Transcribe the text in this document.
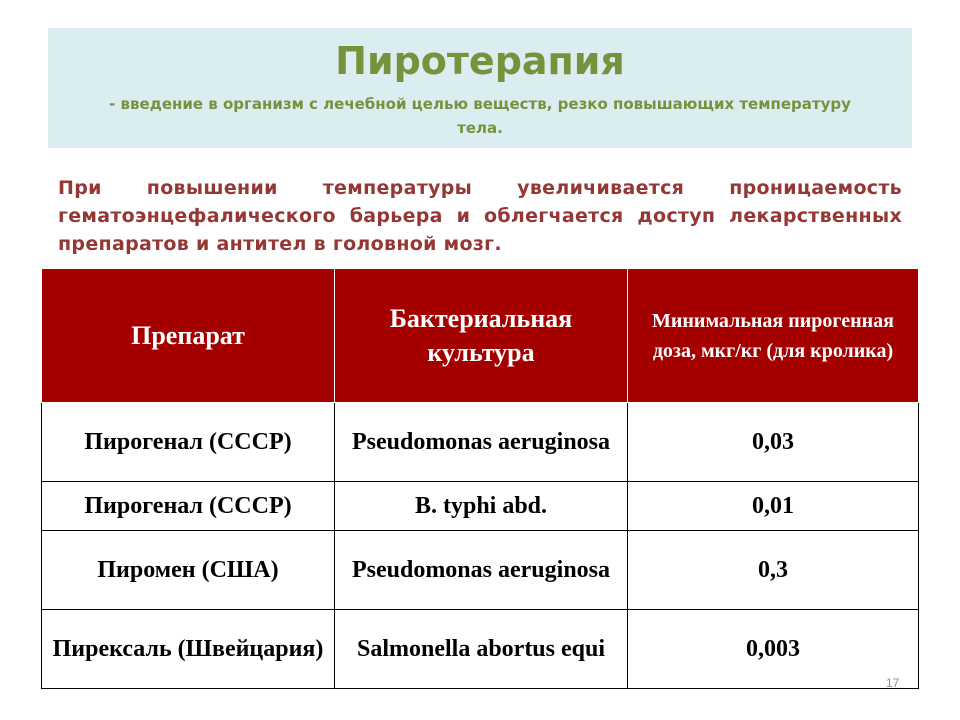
Пиротерапия
- введение в организм с лечебной целью веществ, резко повышающих температуру тела.
При повышении температуры увеличивается проницаемость гематоэнцефалического барьера и облегчается доступ лекарственных препаратов и антител в головной мозг.
Препарат	Бактериальная культура	Минимальная пирогенная доза, мкг/кг (для кролика)
Пирогенал (СССР)	Pseudomonas aeruginosa	0,03
Пирогенал (СССР)	B. typhi abd.	0,01
Пиромен (США)	Pseudomonas aeruginosa	0,3
Пирексаль (Швейцария)	Salmonella abortus equi	0,003
17
